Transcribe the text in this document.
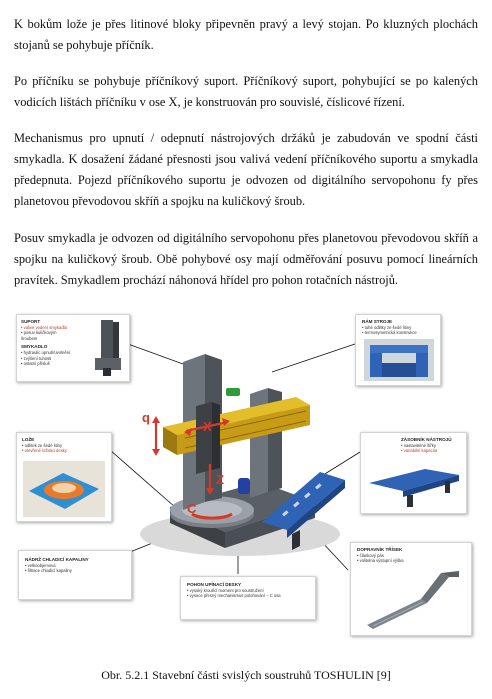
K bokům lože je přes litinové bloky připevněn pravý a levý stojan. Po kluzných plochách stojanů se pohybuje příčník.

Po příčníku se pohybuje příčníkový suport. Příčníkový suport, pohybující se po kalených vodicích lištách příčníku v ose X, je konstruován pro souvislé, číslicové řízení.

Mechanismus pro upnutí / odepnutí nástrojových držáků je zabudován ve spodní části smykadla. K dosažení žádané přesnosti jsou valivá vedení příčníkového suportu a smykadla předepnuta. Pojezd příčníkového suportu je odvozen od digitálního servopohonu fy přes planetovou převodovou skříň a spojku na kuličkový šroub.

Posuv smykadla je odvozen od digitálního servopohonu přes planetovou převodovou skříň a spojku na kuličkový šroub. Obě pohybové osy mají odměřování posuvu pomocí lineárních pravítek. Smykadlem prochází náhonová hřídel pro pohon rotačních nástrojů.

X
Z
q
C
SUPORT
• valivé vedení smykadla
• posuv kuličkovým
šroubem
SMYKADLO
• hydraulic upnutí/uvolnění
• zvýšení tuhosti
• ostatní přísluš
RÁM STROJE
• tuhé odlitky ze šedé litiny
• termosymetrická konstrukce
LOŽE
• odlitek ze šedé litiny
• otevřené ložisko desky
ZÁSOBNÍK NÁSTROJŮ
• nastavitelné šířky
• variabilní kapacita
NÁDRŽ CHLADICÍ KAPALINY
• velkoobjemová
• filtrace chladicí kapaliny
POHON UPÍNACÍ DESKY
• vysoký kroutící moment pro soustružení
• vysoce přesný mechanismus polohování – C osa
DOPRAVNÍK TŘÍSEK
• článkový pás
• volitelná výstupní výška
Obr. 5.2.1 Stavební části svislých soustruhů TOSHULIN [9]
